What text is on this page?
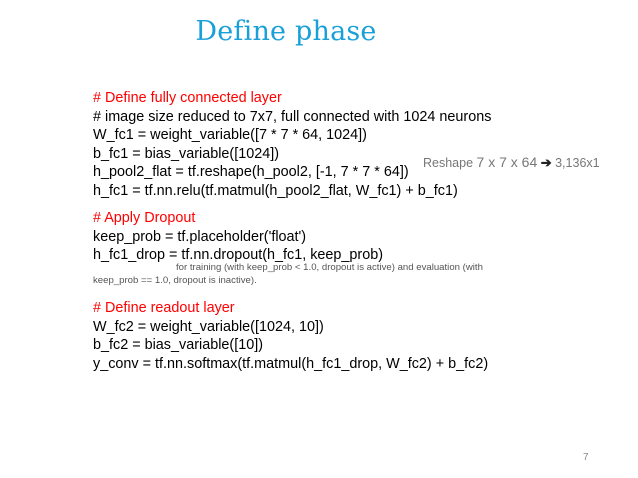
Define phase
# Define fully connected layer
# image size reduced to 7x7, full connected with 1024 neurons
W_fc1 = weight_variable([7 * 7 * 64, 1024])
b_fc1 = bias_variable([1024])
h_pool2_flat = tf.reshape(h_pool2, [-1, 7 * 7 * 64])
h_fc1 = tf.nn.relu(tf.matmul(h_pool2_flat, W_fc1) + b_fc1)
Reshape 7 x 7 x 64 ➔ 3,136x1
# Apply Dropout
keep_prob = tf.placeholder('float')
h_fc1_drop = tf.nn.dropout(h_fc1, keep_prob)
for training (with keep_prob < 1.0, dropout is active) and evaluation (with
keep_prob == 1.0, dropout is inactive).
# Define readout layer
W_fc2 = weight_variable([1024, 10])
b_fc2 = bias_variable([10])
y_conv = tf.nn.softmax(tf.matmul(h_fc1_drop, W_fc2) + b_fc2)
7
